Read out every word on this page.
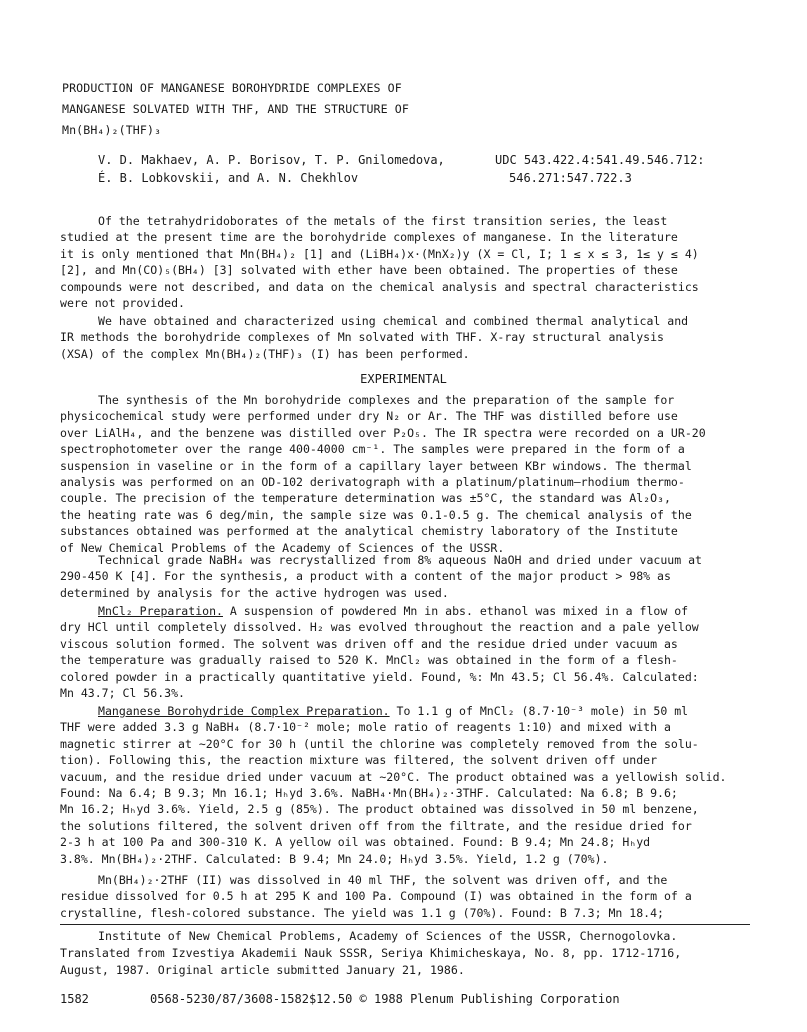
PRODUCTION OF MANGANESE BOROHYDRIDE COMPLEXES OF
MANGANESE SOLVATED WITH THF, AND THE STRUCTURE OF
Mn(BH₄)₂(THF)₃
V. D. Makhaev, A. P. Borisov, T. P. Gnilomedova,
É. B. Lobkovskii, and A. N. Chekhlov
UDC 543.422.4:541.49.546.712:
546.271:547.722.3
Of the tetrahydridoborates of the metals of the first transition series, the least
studied at the present time are the borohydride complexes of manganese. In the literature
it is only mentioned that Mn(BH₄)₂ [1] and (LiBH₄)x·(MnX₂)y (X = Cl, I; 1 ≤ x ≤ 3, 1≤ y ≤ 4)
[2], and Mn(CO)₅(BH₄) [3] solvated with ether have been obtained. The properties of these
compounds were not described, and data on the chemical analysis and spectral characteristics
were not provided.
We have obtained and characterized using chemical and combined thermal analytical and
IR methods the borohydride complexes of Mn solvated with THF. X-ray structural analysis
(XSA) of the complex Mn(BH₄)₂(THF)₃ (I) has been performed.
EXPERIMENTAL
The synthesis of the Mn borohydride complexes and the preparation of the sample for
physicochemical study were performed under dry N₂ or Ar. The THF was distilled before use
over LiAlH₄, and the benzene was distilled over P₂O₅. The IR spectra were recorded on a UR-20
spectrophotometer over the range 400-4000 cm⁻¹. The samples were prepared in the form of a
suspension in vaseline or in the form of a capillary layer between KBr windows. The thermal
analysis was performed on an OD-102 derivatograph with a platinum/platinum–rhodium thermo-
couple. The precision of the temperature determination was ±5°C, the standard was Al₂O₃,
the heating rate was 6 deg/min, the sample size was 0.1-0.5 g. The chemical analysis of the
substances obtained was performed at the analytical chemistry laboratory of the Institute
of New Chemical Problems of the Academy of Sciences of the USSR.
Technical grade NaBH₄ was recrystallized from 8% aqueous NaOH and dried under vacuum at
290-450 K [4]. For the synthesis, a product with a content of the major product > 98% as
determined by analysis for the active hydrogen was used.
MnCl₂ Preparation. A suspension of powdered Mn in abs. ethanol was mixed in a flow of
dry HCl until completely dissolved. H₂ was evolved throughout the reaction and a pale yellow
viscous solution formed. The solvent was driven off and the residue dried under vacuum as
the temperature was gradually raised to 520 K. MnCl₂ was obtained in the form of a flesh-
colored powder in a practically quantitative yield. Found, %: Mn 43.5; Cl 56.4%. Calculated:
Mn 43.7; Cl 56.3%.
Manganese Borohydride Complex Preparation. To 1.1 g of MnCl₂ (8.7·10⁻³ mole) in 50 ml
THF were added 3.3 g NaBH₄ (8.7·10⁻² mole; mole ratio of reagents 1:10) and mixed with a
magnetic stirrer at ∼20°C for 30 h (until the chlorine was completely removed from the solu-
tion). Following this, the reaction mixture was filtered, the solvent driven off under
vacuum, and the residue dried under vacuum at ∼20°C. The product obtained was a yellowish solid.
Found: Na 6.4; B 9.3; Mn 16.1; Hₕyd 3.6%. NaBH₄·Mn(BH₄)₂·3THF. Calculated: Na 6.8; B 9.6;
Mn 16.2; Hₕyd 3.6%. Yield, 2.5 g (85%). The product obtained was dissolved in 50 ml benzene,
the solutions filtered, the solvent driven off from the filtrate, and the residue dried for
2-3 h at 100 Pa and 300-310 K. A yellow oil was obtained. Found: B 9.4; Mn 24.8; Hₕyd
3.8%. Mn(BH₄)₂·2THF. Calculated: B 9.4; Mn 24.0; Hₕyd 3.5%. Yield, 1.2 g (70%).
Mn(BH₄)₂·2THF (II) was dissolved in 40 ml THF, the solvent was driven off, and the
residue dissolved for 0.5 h at 295 K and 100 Pa. Compound (I) was obtained in the form of a
crystalline, flesh-colored substance. The yield was 1.1 g (70%). Found: B 7.3; Mn 18.4;
Institute of New Chemical Problems, Academy of Sciences of the USSR, Chernogolovka.
Translated from Izvestiya Akademii Nauk SSSR, Seriya Khimicheskaya, No. 8, pp. 1712-1716,
August, 1987. Original article submitted January 21, 1986.
1582	0568-5230/87/3608-1582$12.50 © 1988 Plenum Publishing Corporation
